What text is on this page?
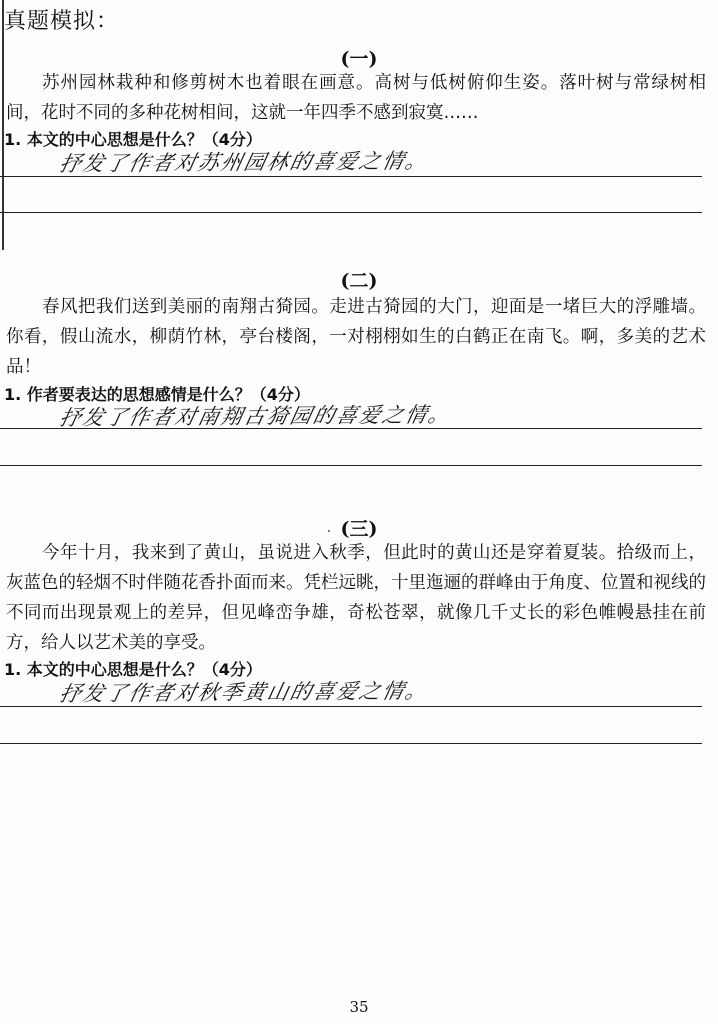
真题模拟：
(一)

苏州园林栽种和修剪树木也着眼在画意。高树与低树俯仰生姿。落叶树与常绿树相间，花时不同的多种花树相间，这就一年四季不感到寂寞……

1. 本文的中心思想是什么？（4分）
抒发了作者对苏州园林的喜爱之情。
(二)

春风把我们送到美丽的南翔古猗园。走进古猗园的大门，迎面是一堵巨大的浮雕墙。你看，假山流水，柳荫竹林，亭台楼阁，一对栩栩如生的白鹤正在南飞。啊，多美的艺术品！

1. 作者要表达的思想感情是什么？（4分）
抒发了作者对南翔古猗园的喜爱之情。
(三)

今年十月，我来到了黄山，虽说进入秋季，但此时的黄山还是穿着夏装。拾级而上，灰蓝色的轻烟不时伴随花香扑面而来。凭栏远眺，十里迤逦的群峰由于角度、位置和视线的不同而出现景观上的差异，但见峰峦争雄，奇松苍翠，就像几千丈长的彩色帷幔悬挂在前方，给人以艺术美的享受。

1. 本文的中心思想是什么？（4分）
抒发了作者对秋季黄山的喜爱之情。
35
